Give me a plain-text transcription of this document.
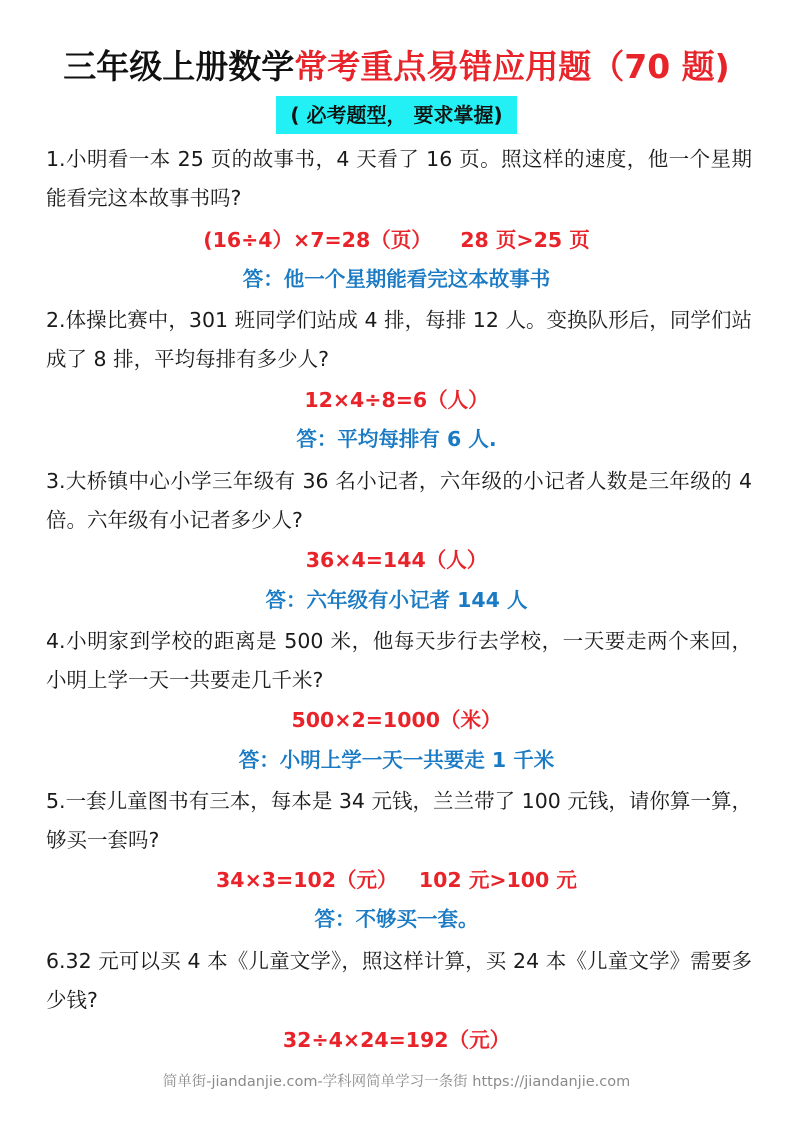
三年级上册数学常考重点易错应用题（70 题)
( 必考题型， 要求掌握)
1.小明看一本 25 页的故事书，4 天看了 16 页。照这样的速度，他一个星期能看完这本故事书吗?
(16÷4）×7=28（页）    28 页>25 页
答：他一个星期能看完这本故事书
2.体操比赛中，301 班同学们站成 4 排，每排 12 人。变换队形后，同学们站成了 8 排，平均每排有多少人?
12×4÷8=6（人）
答：平均每排有 6 人.
3.大桥镇中心小学三年级有 36 名小记者，六年级的小记者人数是三年级的 4 倍。六年级有小记者多少人?
36×4=144（人）
答：六年级有小记者 144 人
4.小明家到学校的距离是 500 米，他每天步行去学校，一天要走两个来回，小明上学一天一共要走几千米?
500×2=1000（米）
答：小明上学一天一共要走 1 千米
5.一套儿童图书有三本，每本是 34 元钱，兰兰带了 100 元钱，请你算一算，够买一套吗?
34×3=102（元）   102 元>100 元
答：不够买一套。
6.32 元可以买 4 本《儿童文学》，照这样计算，买 24 本《儿童文学》需要多少钱?
32÷4×24=192（元）
简单街-jiandanjie.com-学科网简单学习一条街 https://jiandanjie.com
